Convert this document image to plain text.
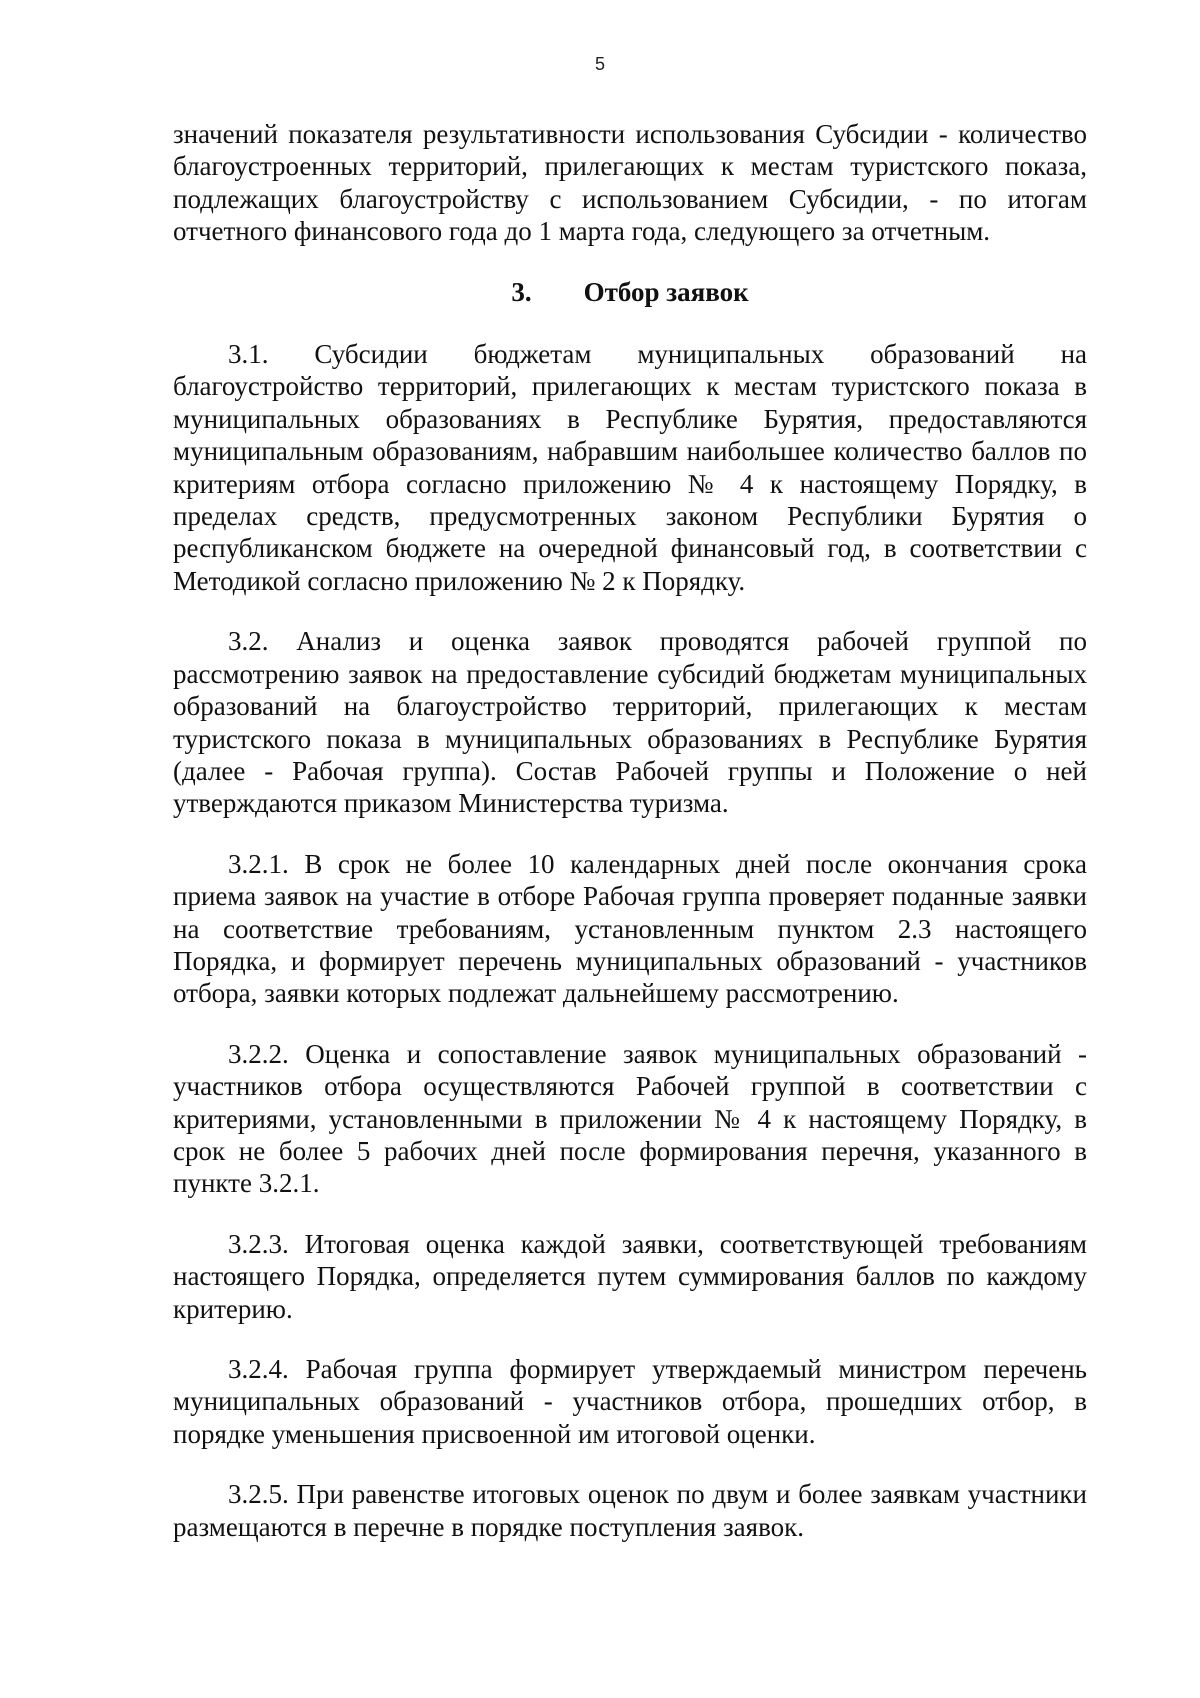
5

значений показателя результативности использования Субсидии - количество благоустроенных территорий, прилегающих к местам туристского показа, подлежащих благоустройству с использованием Субсидии, - по итогам отчетного финансового года до 1 марта года, следующего за отчетным.

3. Отбор заявок

3.1. Субсидии бюджетам муниципальных образований на благоустройство территорий, прилегающих к местам туристского показа в муниципальных образованиях в Республике Бурятия, предоставляются муниципальным образованиям, набравшим наибольшее количество баллов по критериям отбора согласно приложению № 4 к настоящему Порядку, в пределах средств, предусмотренных законом Республики Бурятия о республиканском бюджете на очередной финансовый год, в соответствии с Методикой согласно приложению № 2 к Порядку.

3.2. Анализ и оценка заявок проводятся рабочей группой по рассмотрению заявок на предоставление субсидий бюджетам муниципальных образований на благоустройство территорий, прилегающих к местам туристского показа в муниципальных образованиях в Республике Бурятия (далее - Рабочая группа). Состав Рабочей группы и Положение о ней утверждаются приказом Министерства туризма.

3.2.1. В срок не более 10 календарных дней после окончания срока приема заявок на участие в отборе Рабочая группа проверяет поданные заявки на соответствие требованиям, установленным пунктом 2.3 настоящего Порядка, и формирует перечень муниципальных образований - участников отбора, заявки которых подлежат дальнейшему рассмотрению.

3.2.2. Оценка и сопоставление заявок муниципальных образований - участников отбора осуществляются Рабочей группой в соответствии с критериями, установленными в приложении № 4 к настоящему Порядку, в срок не более 5 рабочих дней после формирования перечня, указанного в пункте 3.2.1.

3.2.3. Итоговая оценка каждой заявки, соответствующей требованиям настоящего Порядка, определяется путем суммирования баллов по каждому критерию.

3.2.4. Рабочая группа формирует утверждаемый министром перечень муниципальных образований - участников отбора, прошедших отбор, в порядке уменьшения присвоенной им итоговой оценки.

3.2.5. При равенстве итоговых оценок по двум и более заявкам участники размещаются в перечне в порядке поступления заявок.
